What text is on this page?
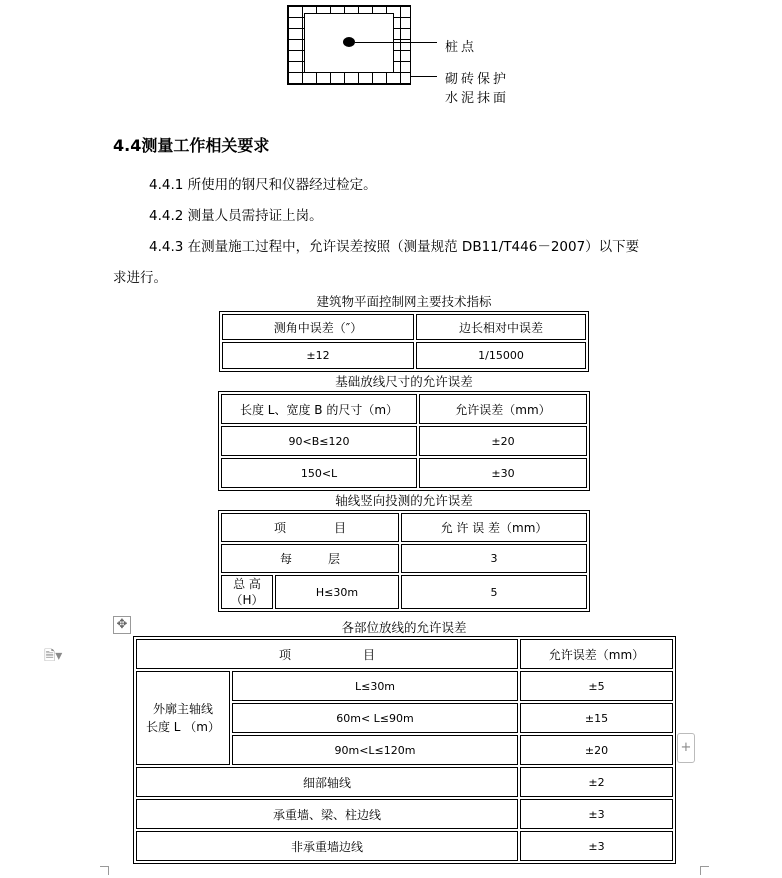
桩点
砌砖保护
水泥抹面
4.4测量工作相关要求
4.4.1 所使用的钢尺和仪器经过检定。
4.4.2 测量人员需持证上岗。
4.4.3 在测量施工过程中，允许误差按照（测量规范 DB11/T446－2007）以下要
求进行。
建筑物平面控制网主要技术指标
测角中误差（″）	边长相对中误差
±12	1/15000
基础放线尺寸的允许误差
长度 L、宽度 B 的尺寸（m）	允许误差（mm）
90<B≤120	±20
150<L	±30
轴线竖向投测的允许误差
项　　　　目		允 许 误 差（mm）
每　　　层		3

总 高
（H）	H≤30m	5
✥
🗎▾
各部位放线的允许误差
项　　　　　　目		允许误差（mm）

外廓主轴线
长度 L （m）	L≤30m	±5
	60m< L≤90m	±15
	90m<L≤120m	±20
细部轴线		±2
承重墙、梁、柱边线		±3
非承重墙边线		±3
+
